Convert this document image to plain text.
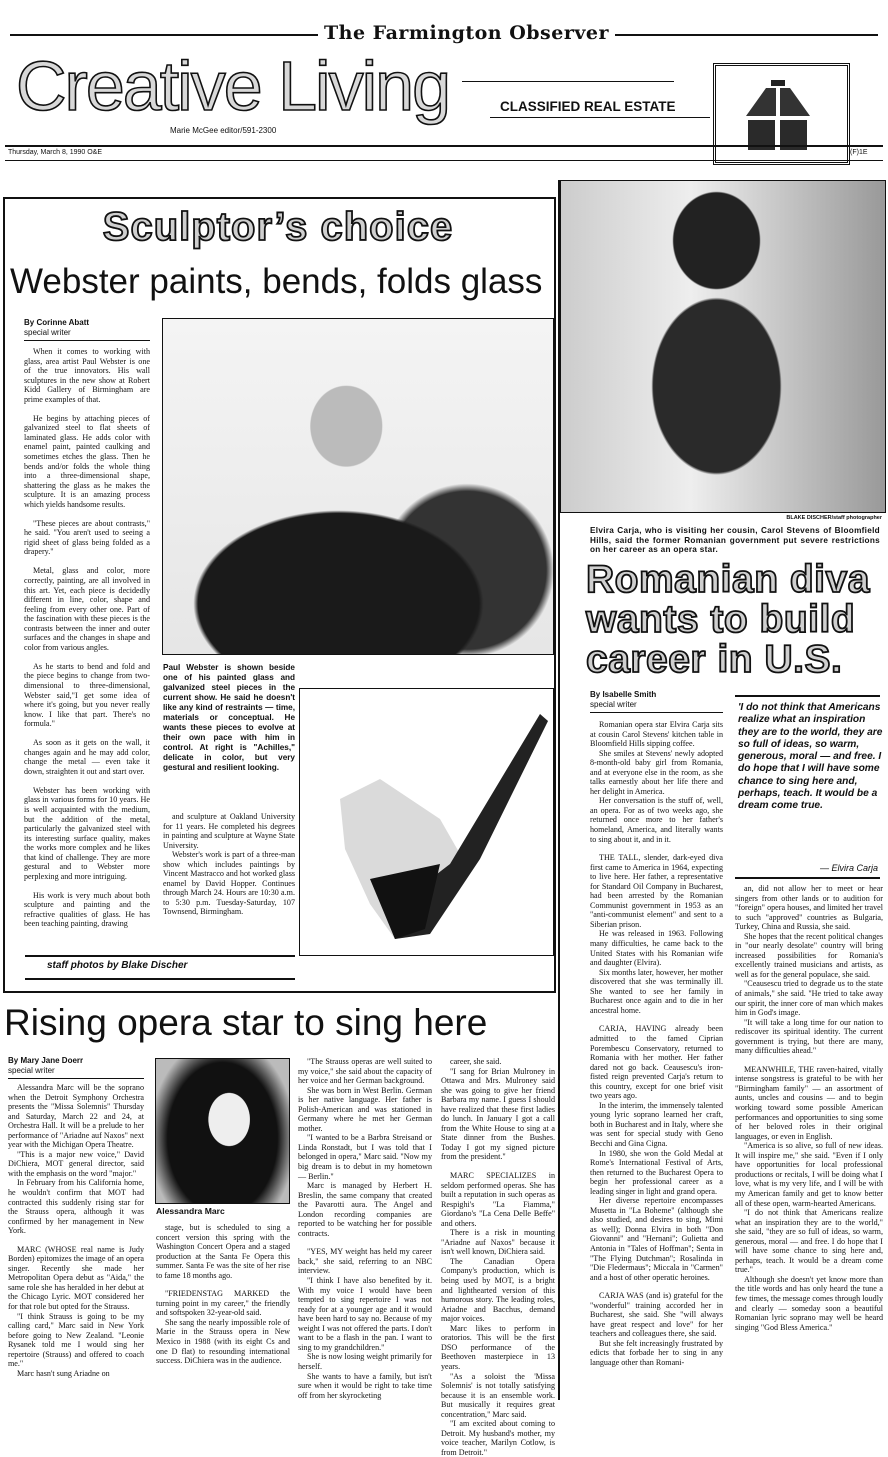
The Farmington Observer
Creative Living	CLASSIFIED REAL ESTATE
Marie McGee editor/591-2300
Thursday, March 8, 1990 O&E	(F)1E
Sculptor’s choice
Webster paints, bends, folds glass
By Corinne Abatt
special writer

When it comes to working with glass, area artist Paul Webster is one of the true innovators. His wall sculptures in the new show at Robert Kidd Gallery of Birmingham are prime examples of that.

He begins by attaching pieces of galvanized steel to flat sheets of laminated glass. He adds color with enamel paint, painted caulking and sometimes etches the glass. Then he bends and/or folds the whole thing into a three-dimensional shape, shattering the glass as he makes the sculpture. It is an amazing process which yields handsome results.

"These pieces are about contrasts," he said. "You aren't used to seeing a rigid sheet of glass being folded as a drapery."

Metal, glass and color, more correctly, painting, are all involved in this art. Yet, each piece is decidedly different in line, color, shape and feeling from every other one. Part of the fascination with these pieces is the contrasts between the inner and outer surfaces and the changes in shape and color from various angles.

As he starts to bend and fold and the piece begins to change from two-dimensional to three-dimensional, Webster said,"I get some idea of where it's going, but you never really know. I like that part. There's no formula."

As soon as it gets on the wall, it changes again and he may add color, change the metal — even take it down, straighten it out and start over.

Webster has been working with glass in various forms for 10 years. He is well acquainted with the medium, but the addition of the metal, particularly the galvanized steel with its interesting surface quality, makes the works more complex and he likes that kind of challenge. They are more gestural and to Webster more perplexing and more intriguing.

His work is very much about both sculpture and painting and the refractive qualities of glass. He has been teaching painting, drawing

Paul Webster is shown beside one of his painted glass and galvanized steel pieces in the current show. He said he doesn't like any kind of restraints — time, materials or conceptual. He wants these pieces to evolve at their own pace with him in control. At right is "Achilles," delicate in color, but very gestural and resilient looking.

and sculpture at Oakland University for 11 years. He completed his degrees in painting and sculpture at Wayne State University.

Webster's work is part of a three-man show which includes paintings by Vincent Mastracco and hot worked glass enamel by David Hopper. Continues through March 24. Hours are 10:30 a.m. to 5:30 p.m. Tuesday-Saturday, 107 Townsend, Birmingham.

staff photos by Blake Discher
BLAKE DISCHER/staff photographer
Elvira Carja, who is visiting her cousin, Carol Stevens of Bloomfield Hills, said the former Romanian government put severe restrictions on her career as an opera star.
Romanian diva
wants to build
career in U.S.
By Isabelle Smith
special writer

Romanian opera star Elvira Carja sits at cousin Carol Stevens' kitchen table in Bloomfield Hills sipping coffee.

She smiles at Stevens' newly adopted 8-month-old baby girl from Romania, and at everyone else in the room, as she talks earnestly about her life there and her delight in America.

Her conversation is the stuff of, well, an opera. For as of two weeks ago, she returned once more to her father's homeland, America, and literally wants to sing about it, and in it.

THE TALL, slender, dark-eyed diva first came to America in 1964, expecting to live here. Her father, a representative for Standard Oil Company in Bucharest, had been arrested by the Romanian Communist government in 1953 as an "anti-communist element" and sent to a Siberian prison.

He was released in 1963. Following many difficulties, he came back to the United States with his Romanian wife and daughter (Elvira).

Six months later, however, her mother discovered that she was terminally ill. She wanted to see her family in Bucharest once again and to die in her ancestral home.

CARJA, HAVING already been admitted to the famed Ciprian Porembescu Conservatory, returned to Romania with her mother. Her father dared not go back. Ceausescu's iron-fisted reign prevented Carja's return to this country, except for one brief visit two years ago.

In the interim, the immensely talented young lyric soprano learned her craft, both in Bucharest and in Italy, where she was sent for special study with Geno Becchi and Gina Cigna.

In 1980, she won the Gold Medal at Rome's International Festival of Arts, then returned to the Bucharest Opera to begin her professional career as a leading singer in light and grand opera.

Her diverse repertoire encompasses Musetta in "La Boheme" (although she also studied, and desires to sing, Mimi as well); Donna Elvira in both "Don Giovanni" and "Hernani"; Gulietta and Antonia in "Tales of Hoffman"; Senta in "The Flying Dutchman"; Rosalinda in "Die Fledermaus"; Miccala in "Carmen" and a host of other operatic heroines.

CARJA WAS (and is) grateful for the "wonderful" training accorded her in Bucharest, she said. She "will always have great respect and love" for her teachers and colleagues there, she said.

But she felt increasingly frustrated by edicts that forbade her to sing in any language other than Romani-

'I do not think that Americans realize what an inspiration they are to the world, they are so full of ideas, so warm, generous, moral — and free. I do hope that I will have some chance to sing here and, perhaps, teach. It would be a dream come true.
— Elvira Carja

an, did not allow her to meet or hear singers from other lands or to audition for "foreign" opera houses, and limited her travel to such "approved" countries as Bulgaria, Turkey, China and Russia, she said.

She hopes that the recent political changes in "our nearly desolate" country will bring increased possibilities for Romania's excellently trained musicians and artists, as well as for the general populace, she said.

"Ceausescu tried to degrade us to the state of animals," she said. "He tried to take away our spirit, the inner core of man which makes him in God's image.

"It will take a long time for our nation to rediscover its spiritual identity. The current government is trying, but there are many, many difficulties ahead."

MEANWHILE, THE raven-haired, vitally intense songstress is grateful to be with her "Birmingham family" — an assortment of aunts, uncles and cousins — and to begin working toward some possible American performances and opportunities to sing some of her beloved roles in their original languages, or even in English.

"America is so alive, so full of new ideas. It will inspire me," she said. "Even if I only have opportunities for local professional productions or recitals, I will be doing what I love, what is my very life, and I will be with my American family and get to know better all of these open, warm-hearted Americans.

"I do not think that Americans realize what an inspiration they are to the world," she said, "they are so full of ideas, so warm, generous, moral — and free. I do hope that I will have some chance to sing here and, perhaps, teach. It would be a dream come true."

Although she doesn't yet know more than the title words and has only heard the tune a few times, the message comes through loudly and clearly — someday soon a beautiful Romanian lyric soprano may well be heard singing "God Bless America."

Rising opera star to sing here
By Mary Jane Doerr
special writer

Alessandra Marc will be the soprano when the Detroit Symphony Orchestra presents the "Missa Solemnis" Thursday and Saturday, March 22 and 24, at Orchestra Hall. It will be a prelude to her performance of "Ariadne auf Naxos" next year with the Michigan Opera Theatre.

"This is a major new voice," David DiChiera, MOT general director, said with the emphasis on the word "major."

In February from his California home, he wouldn't confirm that MOT had contracted this suddenly rising star for the Strauss opera, although it was confirmed by her management in New York.

MARC (WHOSE real name is Judy Borden) epitomizes the image of an opera singer. Recently she made her Metropolitan Opera debut as "Aida," the same role she has heralded in her debut at the Chicago Lyric. MOT considered her for that role but opted for the Strauss.

"I think Strauss is going to be my calling card," Marc said in New York before going to New Zealand. "Leonie Rysanek told me I would sing her repertoire (Strauss) and offered to coach me."

Marc hasn't sung Ariadne on

Alessandra Marc

stage, but is scheduled to sing a concert version this spring with the Washington Concert Opera and a staged production at the Santa Fe Opera this summer. Santa Fe was the site of her rise to fame 18 months ago.

"FRIEDENSTAG MARKED the turning point in my career," the friendly and softspoken 32-year-old said.

She sang the nearly impossible role of Marie in the Strauss opera in New Mexico in 1988 (with its eight Cs and one D flat) to resounding international success. DiChiera was in the audience.

"The Strauss operas are well suited to my voice," she said about the capacity of her voice and her German background.

She was born in West Berlin. German is her native language. Her father is Polish-American and was stationed in Germany where he met her German mother.

"I wanted to be a Barbra Streisand or Linda Ronstadt, but I was told that I belonged in opera," Marc said. "Now my big dream is to debut in my hometown — Berlin."

Marc is managed by Herbert H. Breslin, the same company that created the Pavarotti aura. The Angel and London recording companies are reported to be watching her for possible contracts.

"YES, MY weight has held my career back," she said, referring to an NBC interview.

"I think I have also benefited by it. With my voice I would have been tempted to sing repertoire I was not ready for at a younger age and it would have been hard to say no. Because of my weight I was not offered the parts. I don't want to be a flash in the pan. I want to sing to my grandchildren."

She is now losing weight primarily for herself.

She wants to have a family, but isn't sure when it would be right to take time off from her skyrocketing

career, she said.

"I sang for Brian Mulroney in Ottawa and Mrs. Mulroney said she was going to give her friend Barbara my name. I guess I should have realized that these first ladies do lunch. In January I got a call from the White House to sing at a State dinner from the Bushes. Today I got my signed picture from the president."

MARC SPECIALIZES in seldom performed operas. She has built a reputation in such operas as Respighi's "La Fiamma," Giordano's "La Cena Delle Beffe" and others.

There is a risk in mounting "Ariadne auf Naxos" because it isn't well known, DiChiera said.

The Canadian Opera Company's production, which is being used by MOT, is a bright and lighthearted version of this humorous story. The leading roles, Ariadne and Bacchus, demand major voices.

Marc likes to perform in oratorios. This will be the first DSO performance of the Beethoven masterpiece in 13 years.

"As a soloist the 'Missa Solemnis' is not totally satisfying because it is an ensemble work. But musically it requires great concentration," Marc said.

"I am excited about coming to Detroit. My husband's mother, my voice teacher, Marilyn Cotlow, is from Detroit."
